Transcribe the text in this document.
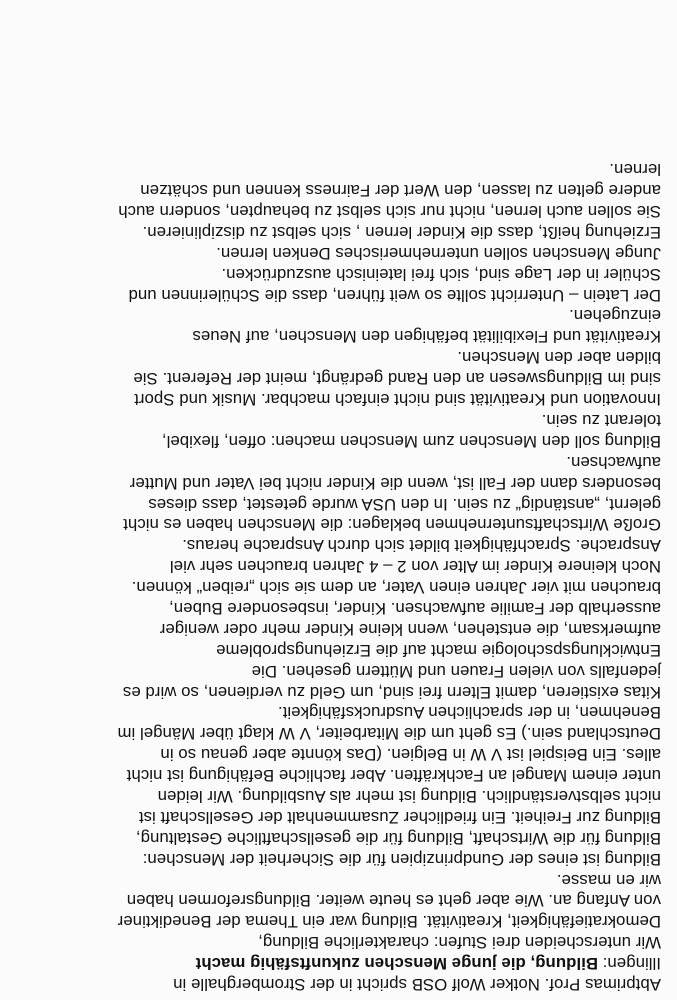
Abtprimas Prof. Notker Wolf OSB spricht in der Stromberghalle in
Illingen: Bildung, die junge Menschen zukunftsfähig macht
Wir unterscheiden drei Stufen: charakterliche Bildung,
Demokratiefähigkeit, Kreativität. Bildung war ein Thema der Benediktiner
von Anfang an. Wie aber geht es heute weiter. Bildungsreformen haben
wir en masse.
Bildung ist eines der Gundprinzipien für die Sicherheit der Menschen:
Bildung für die Wirtschaft, Bildung für die gesellschaftliche Gestaltung,
Bildung zur Freiheit. Ein friedlicher Zusammenhalt der Gesellschaft ist
nicht selbstverständlich. Bildung ist mehr als Ausbildung. Wir leiden
unter einem Mangel an Fachkräften. Aber fachliche Befähigung ist nicht
alles. Ein Beispiel ist V W in Belgien. (Das könnte aber genau so in
Deutschland sein.) Es geht um die Mitarbeiter, V W klagt über Mängel im
Benehmen, in der sprachlichen Ausdrucksfähigkeit.
Kitas existieren, damit Eltern frei sind, um Geld zu verdienen, so wird es
jedenfalls von vielen Frauen und Müttern gesehen. Die
Entwicklungspschologie macht auf die Erziehungsprobleme
aufmerksam, die entstehen, wenn kleine Kinder mehr oder weniger
ausserhalb der Familie aufwachsen. Kinder, insbesondere Buben,
brauchen mit vier Jahren einen Vater, an dem sie sich „reiben“ können.
Noch kleinere Kinder im Alter von 2 – 4 Jahren brauchen sehr viel
Ansprache. Sprachfähigkeit bildet sich durch Ansprache heraus.
Große Wirtschaftsunternehmen beklagen: die Menschen haben es nicht
gelernt, „anständig“ zu sein. In den USA wurde getestet, dass dieses
besonders dann der Fall ist, wenn die Kinder nicht bei Vater und Mutter
aufwachsen.
Bildung soll den Menschen zum Menschen machen: offen, flexibel,
tolerant zu sein.
Innovation und Kreativität sind nicht einfach machbar. Musik und Sport
sind im Bildungswesen an den Rand gedrängt, meint der Referent. Sie
bilden aber den Menschen.
Kreativität und Flexibilität befähigen den Menschen, auf Neues
einzugehen.
Der Latein – Unterricht sollte so weit führen, dass die Schülerinnen und
Schüler in der Lage sind, sich frei lateinisch auszudrücken.
Junge Menschen sollen unternehmerisches Denken lernen.
Erziehung heißt, dass die Kinder lernen , sich selbst zu disziplinieren.
Sie sollen auch lernen, nicht nur sich selbst zu behaupten, sondern auch
andere gelten zu lassen, den Wert der Fairness kennen und schätzen
lernen.
